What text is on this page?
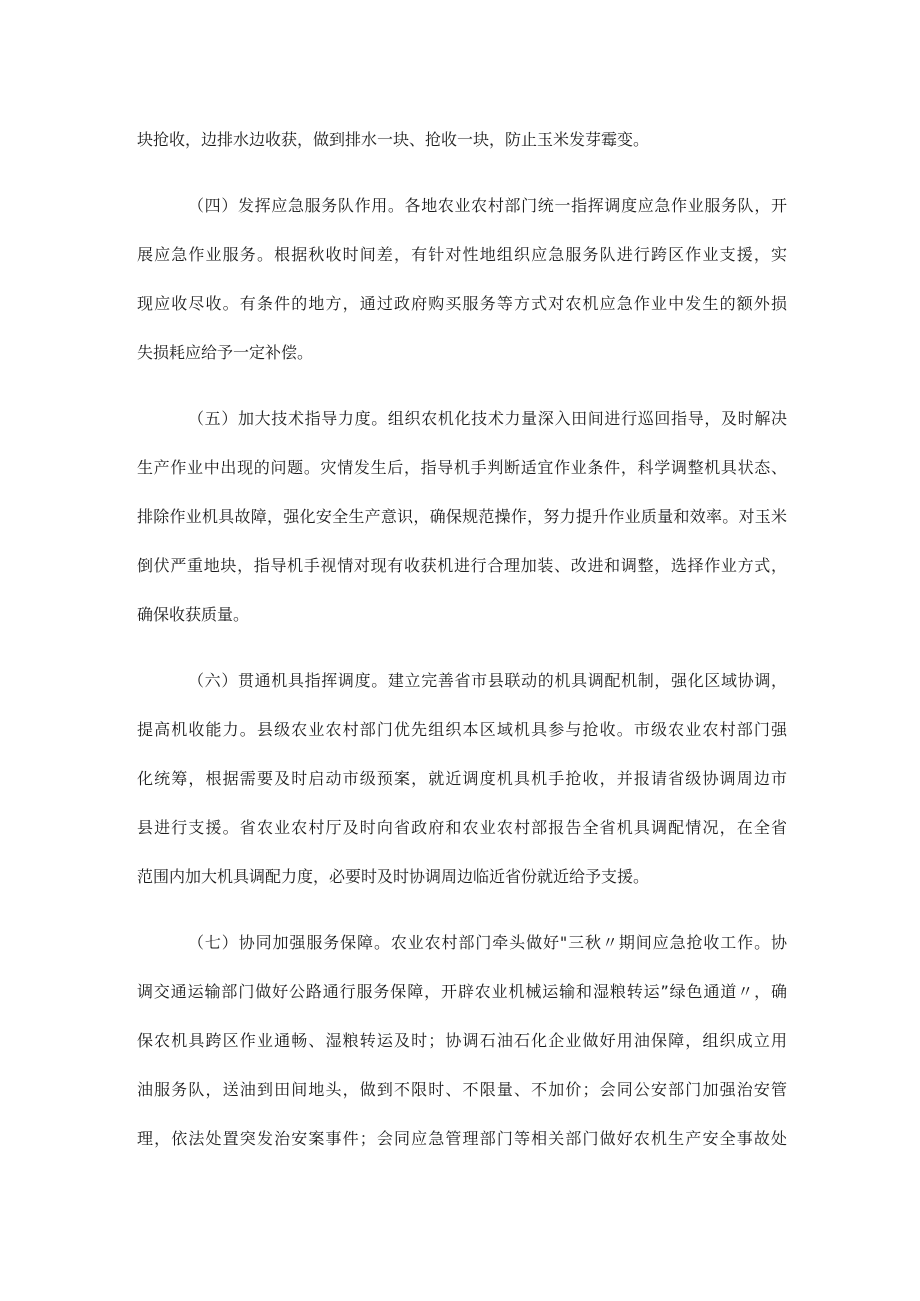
块抢收，边排水边收获，做到排水一块、抢收一块，防止玉米发芽霉变。
（四）发挥应急服务队作用。各地农业农村部门统一指挥调度应急作业服务队，开
展应急作业服务。根据秋收时间差，有针对性地组织应急服务队进行跨区作业支援，实
现应收尽收。有条件的地方，通过政府购买服务等方式对农机应急作业中发生的额外损
失损耗应给予一定补偿。
（五）加大技术指导力度。组织农机化技术力量深入田间进行巡回指导，及时解决
生产作业中出现的问题。灾情发生后，指导机手判断适宜作业条件，科学调整机具状态、
排除作业机具故障，强化安全生产意识，确保规范操作，努力提升作业质量和效率。对玉米
倒伏严重地块，指导机手视情对现有收获机进行合理加装、改进和调整，选择作业方式，
确保收获质量。
（六）贯通机具指挥调度。建立完善省市县联动的机具调配机制，强化区域协调，
提高机收能力。县级农业农村部门优先组织本区域机具参与抢收。市级农业农村部门强
化统筹，根据需要及时启动市级预案，就近调度机具机手抢收，并报请省级协调周边市
县进行支援。省农业农村厅及时向省政府和农业农村部报告全省机具调配情况，在全省
范围内加大机具调配力度，必要时及时协调周边临近省份就近给予支援。
（七）协同加强服务保障。农业农村部门牵头做好"三秋〃期间应急抢收工作。协
调交通运输部门做好公路通行服务保障，开辟农业机械运输和湿粮转运”绿色通道〃，确
保农机具跨区作业通畅、湿粮转运及时；协调石油石化企业做好用油保障，组织成立用
油服务队，送油到田间地头，做到不限时、不限量、不加价；会同公安部门加强治安管
理，依法处置突发治安案事件；会同应急管理部门等相关部门做好农机生产安全事故处
